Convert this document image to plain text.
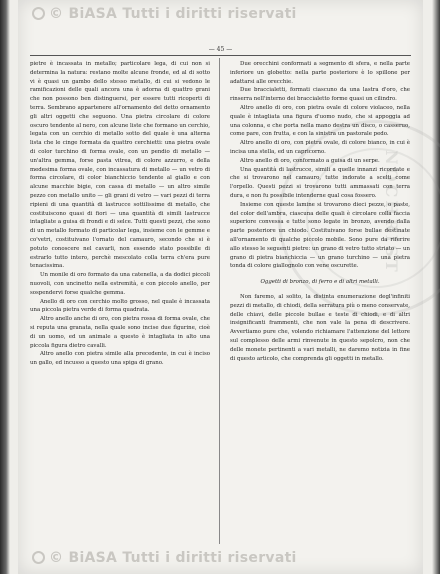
© BiASA Tutti i diritti riservati
NOCHRIST
— 45 —

pietre è incassata in metallo; particolare lega, di cui non si determina la natura: restano molte alcune fronde, ed al di sotto vi è quasi un gambo dello stesso metallo, di cui si vedono le ramificazioni delle quali ancora una è adorna di quattro grani che non possono ben distinguersi, per essere tutti ricoperti di terra. Sembrano appartenere all'ornamento del detto ornamento gli altri oggetti che seguono. Una pietra circolare di colore oscuro tendente al nero, con alcune liste che formano un cerchio, legata con un cerchio di metallo sotto del quale è una alterna lista che le cinge formata da quattro cerchietti: una pietra ovale di color turchino di forma ovale, con un pendio di metallo — un'altra gemma, forse pasta vitrea, di colore azzurro, e della medesima forma ovale, con incassatura di metallo — un vetro di forma circolare, di color bianchiccio tendente al giallo e con alcune macchie bigie, con cassa di metallo — un altro simile pezzo con metallo unito — gli grani di vetro — vari pezzi di terra ripieni di una quantità di lastrucce sottilissime di metallo, che costituiscono quasi di fiori — una quantità di simili lastrucce intagliate a guisa di frondi e di selce. Tutti questi pezzi, che sono di un metallo formato di particolar lega, insieme con le gemme e co'vetri, costituivano l'ornato del camauro, secondo che si è potuto conoscere nel cavarli, non essendo stato possibile di estrarlo tutto intero, perchè mescolato colla terra ch'era pure tenacissima.

Un monile di oro formato da una catenella, a da dodici piccoli nuovoli, con uncinetto nella estremità, e con piccolo anello, per sospendervi forse qualche gemma.

Anello di oro con cerchio molto grosso, nel quale è incassata una piccola pietra verde di forma quadrata.

Altro anello anche di oro, con pietra rossa di forma ovale, che si reputa una granata, nella quale sono incise due fìgurine, cioè di un uomo, ed un animale a questo è intagliata in alto una piccola figura dietro cavalli.

Altro anello con pietra simile alla precedente, in cui è inciso un gallo, ed incusso a questo una spiga di grano.

Due orecchini conformati a segmento di sfera, e nella parte inferiore un globetto: nella parte posteriore è lo spillone per adattarsi alle orecchie.

Due braccialetti, formati ciascuno da una lastra d'oro, che rinserra nell'interno dei braccialetto forme quasi un cilindro.

Altro anello di oro, con pietra ovale di colore violaceo, nella quale è intagliata una figura d'uomo nudo, che si appoggia ad una colonna, e che porta nella mano destra un disco, o casseruo, come pare, con frutta, e con la sinistra un pastorale pedo.

Altro anello di oro, con pietra ovale, di colore bianco, in cui è incisa una stella, ed un capricorno.

Altro anello di oro, conformato a guisa di un serpe.

Una quantità di lastrucce, simili a quelle innanzi ricordate e che si trovarono nel camauro, tutte indorate a scelti come l'orpello. Questi pezzi si trovarono tutti ammassati con terra dura, e non fu possibile intenderne qual cosa fossero.

Insieme con queste lamine si trovarono dieci pezze, o paste, del color dell'ambra, ciascuna delle quali è circolare colla faccia superiore convessa e tutte sono legate in bronzo, avendo dalla parte posteriore un chiodo. Costituivano forse bullae destinate all'ornamento di qualche piccolo mobile. Sono pure da riferire allo stesso le seguenti pietre: un grano di vetro tutto striato — un grano di pietra bianchiccia — un grano turchino — una pietra tonda di colore giallognolo con vene oscurette.

Oggetti di bronzo, di ferro e di altri metalli.

Non faremo, al solito, la distinta enumerazione degl'infiniti pezzi di metallo, di chiodi, della serratura più o meno conservate, delle chiavi, delle piccole bullae e teste di chiodi, e di altri insignificanti frammenti, che non vale la pena di descrivere. Avvertiamo pure che, volendo richiamare l'attenzione del lettore sul complesso delle armi rinvenute in questo sepolcro, non che delle monete pertinenti a vari metalli, ne daremo notizia in fine di questo articolo, che comprenda gli oggetti in metallo.

© BiASA Tutti i diritti riservati
